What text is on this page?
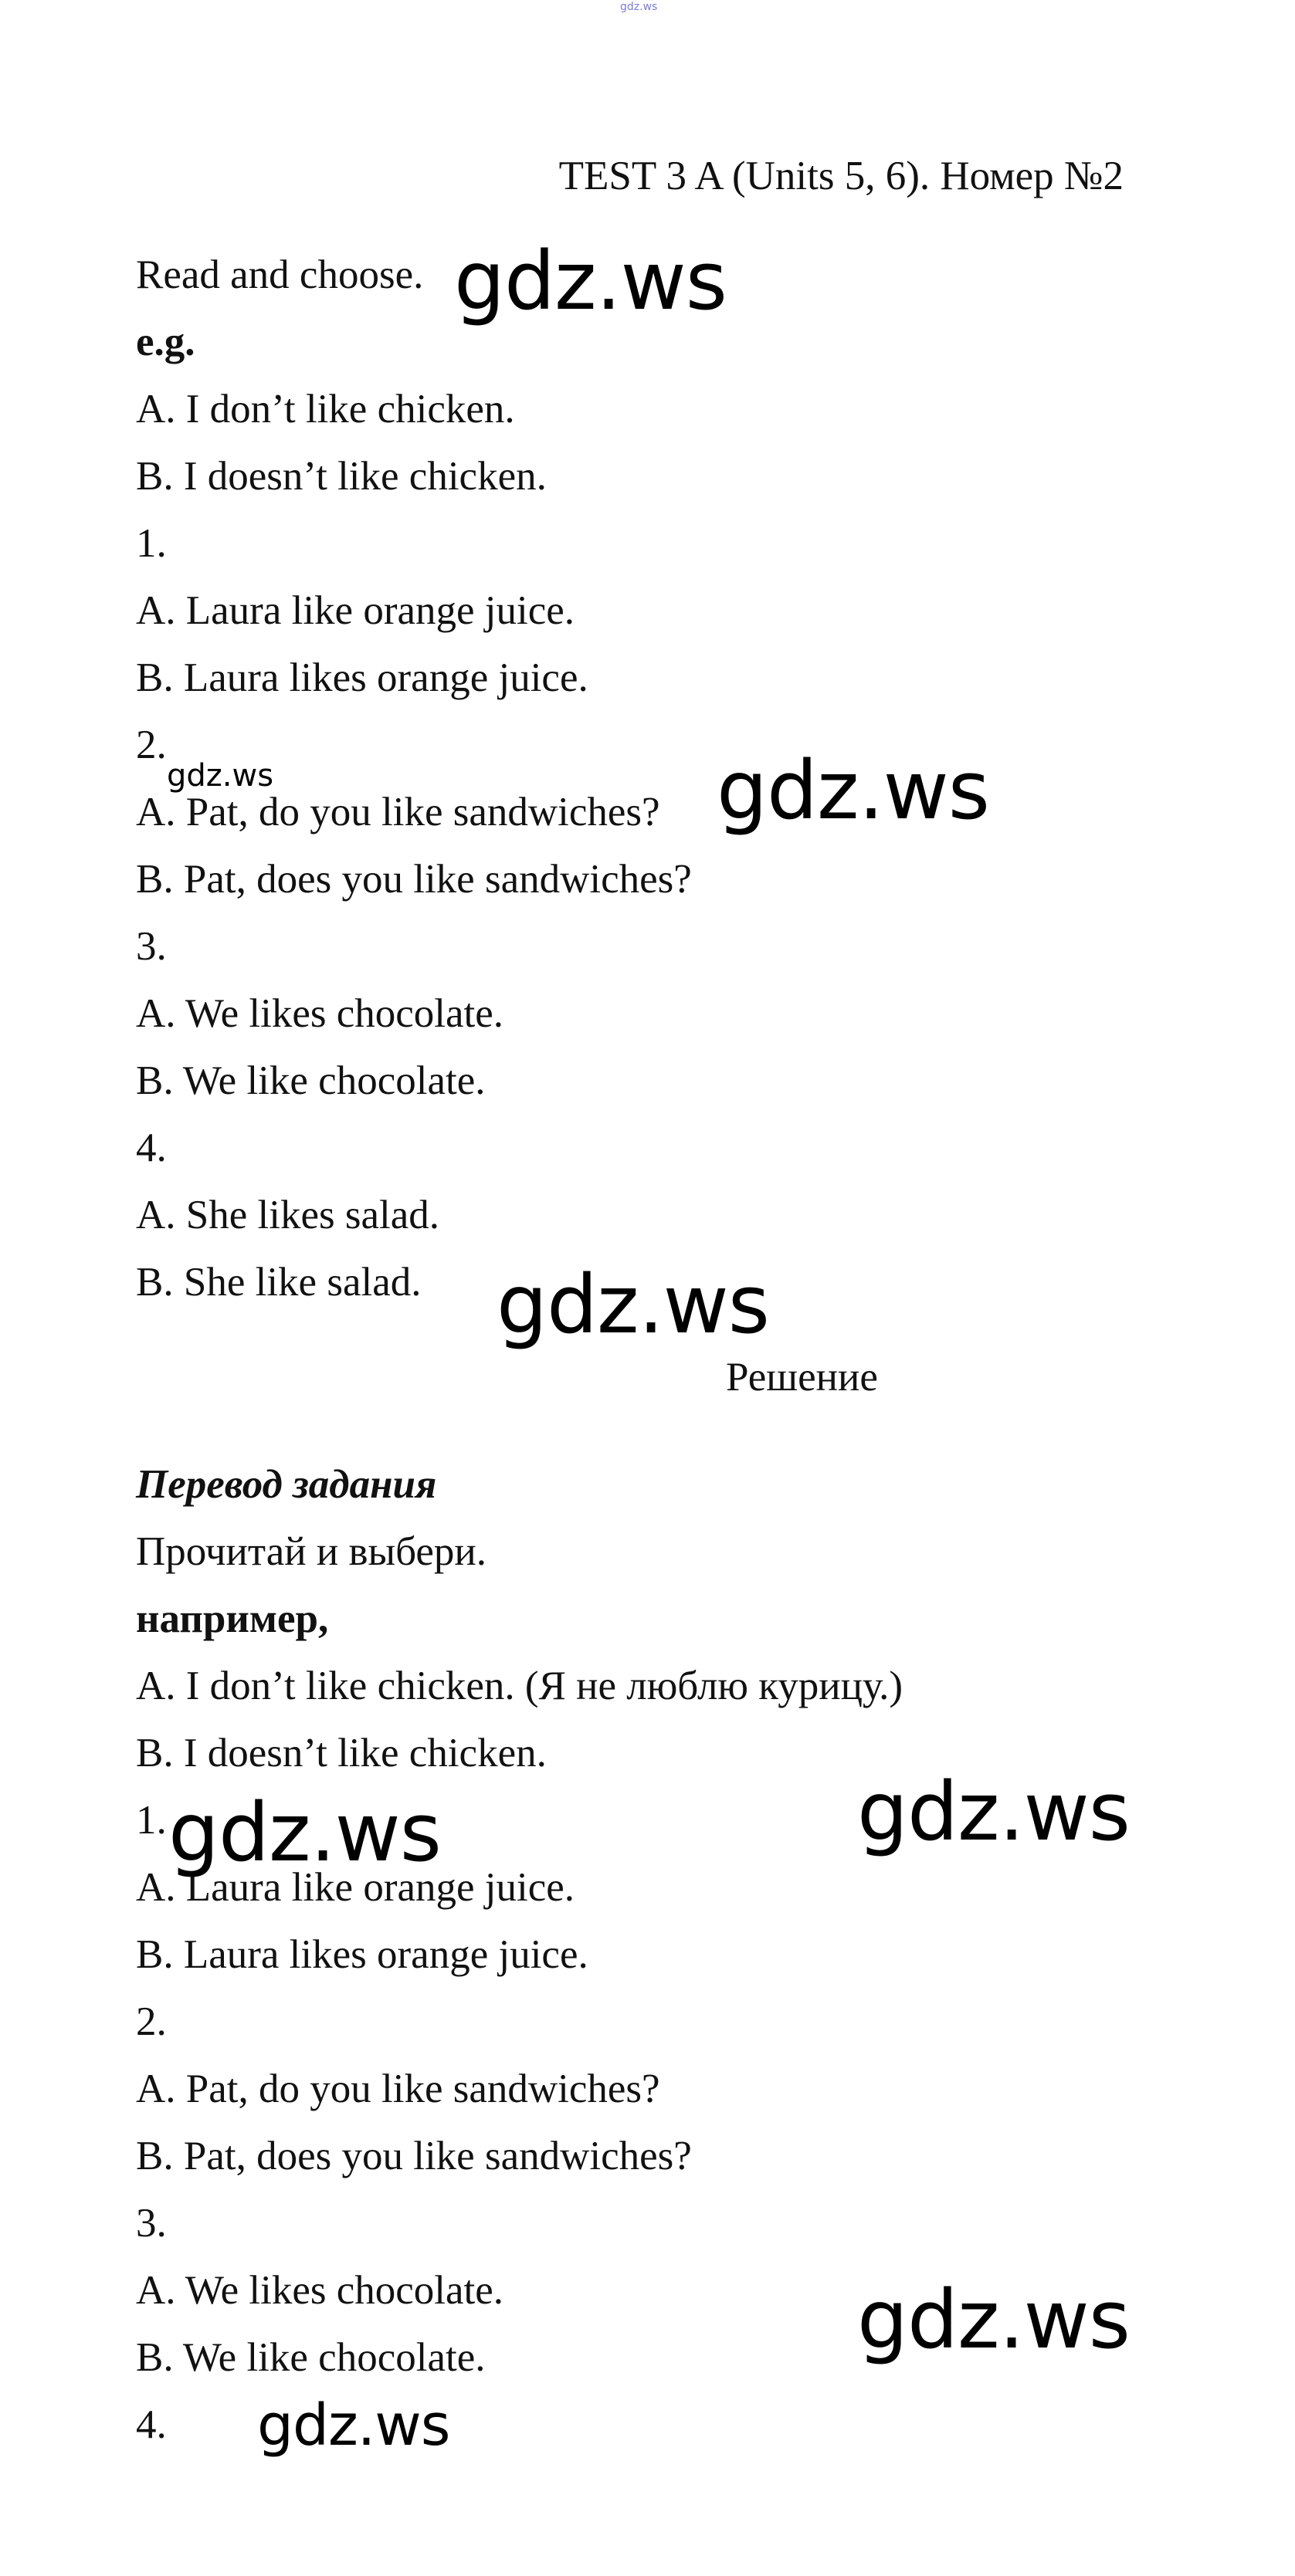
gdz.ws
TEST 3 A (Units 5, 6). Номер №2
Read and choose.
e.g.
A. I don’t like chicken.
B. I doesn’t like chicken.
1.
A. Laura like orange juice.
B. Laura likes orange juice.
2.
A. Pat, do you like sandwiches?
B. Pat, does you like sandwiches?
3.
A. We likes chocolate.
B. We like chocolate.
4.
A. She likes salad.
B. She like salad.
Решение
Перевод задания
Прочитай и выбери.
например,
A. I don’t like chicken. (Я не люблю курицу.)
B. I doesn’t like chicken.
1.
A. Laura like orange juice.
B. Laura likes orange juice.
2.
A. Pat, do you like sandwiches?
B. Pat, does you like sandwiches?
3.
A. We likes chocolate.
B. We like chocolate.
4.
gdz.ws
gdz.ws	gdz.ws
gdz.ws
gdz.ws	gdz.ws
gdz.ws
gdz.ws
